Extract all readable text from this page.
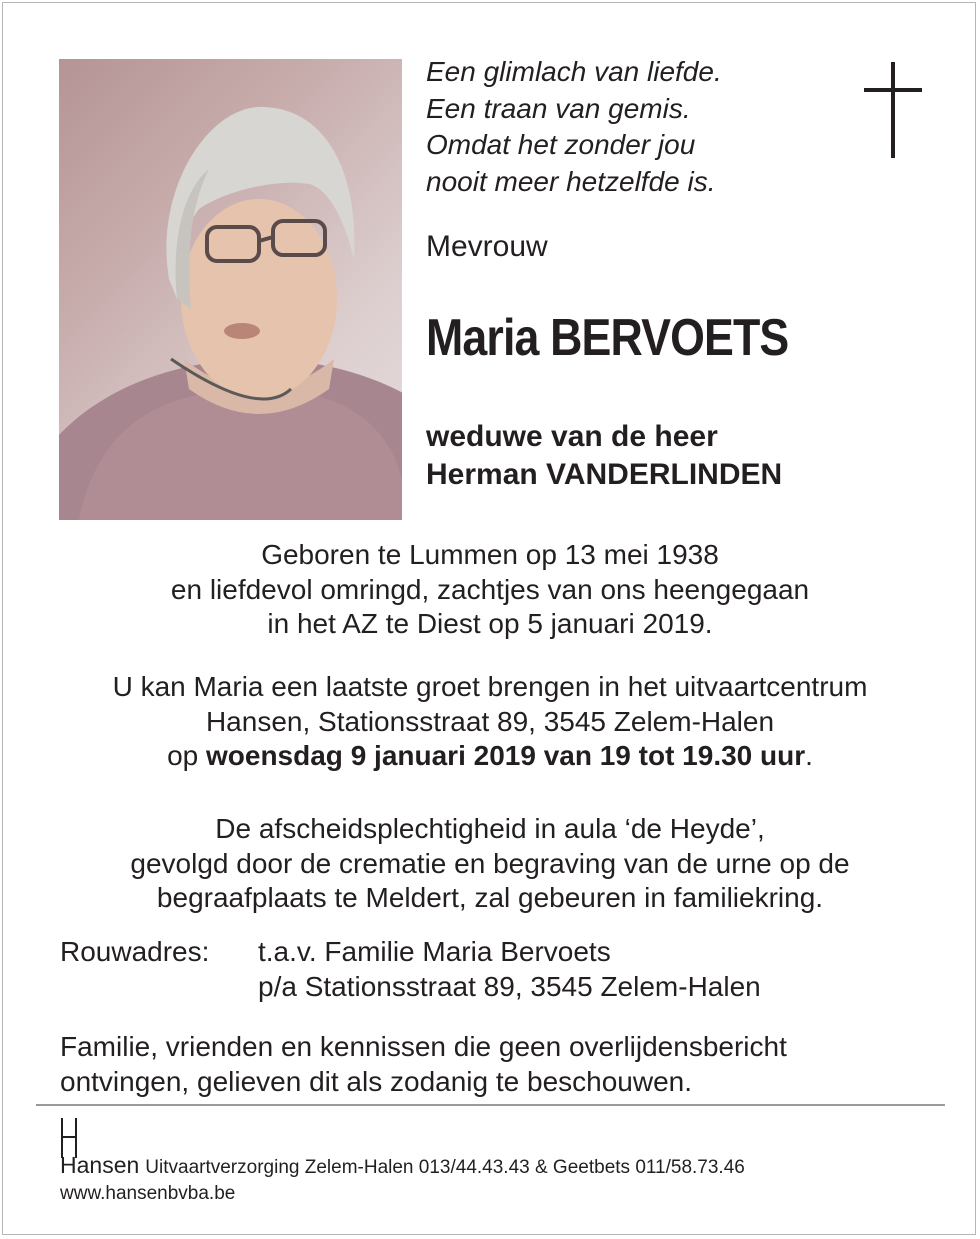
Een glimlach van liefde.
Een traan van gemis.
Omdat het zonder jou
nooit meer hetzelfde is.
Mevrouw
Maria BERVOETS
weduwe van de heer
Herman VANDERLINDEN
Geboren te Lummen op 13 mei 1938
en liefdevol omringd, zachtjes van ons heengegaan
in het AZ te Diest op 5 januari 2019.
U kan Maria een laatste groet brengen in het uitvaartcentrum
Hansen, Stationsstraat 89, 3545 Zelem-Halen
op woensdag 9 januari 2019 van 19 tot 19.30 uur.
De afscheidsplechtigheid in aula ‘de Heyde’,
gevolgd door de crematie en begraving van de urne op de
begraafplaats te Meldert, zal gebeuren in familiekring.
Rouwadres: t.a.v. Familie Maria Bervoets
p/a Stationsstraat 89, 3545 Zelem-Halen
Familie, vrienden en kennissen die geen overlijdensbericht
ontvingen, gelieven dit als zodanig te beschouwen.
Hansen Uitvaartverzorging Zelem-Halen 013/44.43.43 & Geetbets 011/58.73.46
www.hansenbvba.be
